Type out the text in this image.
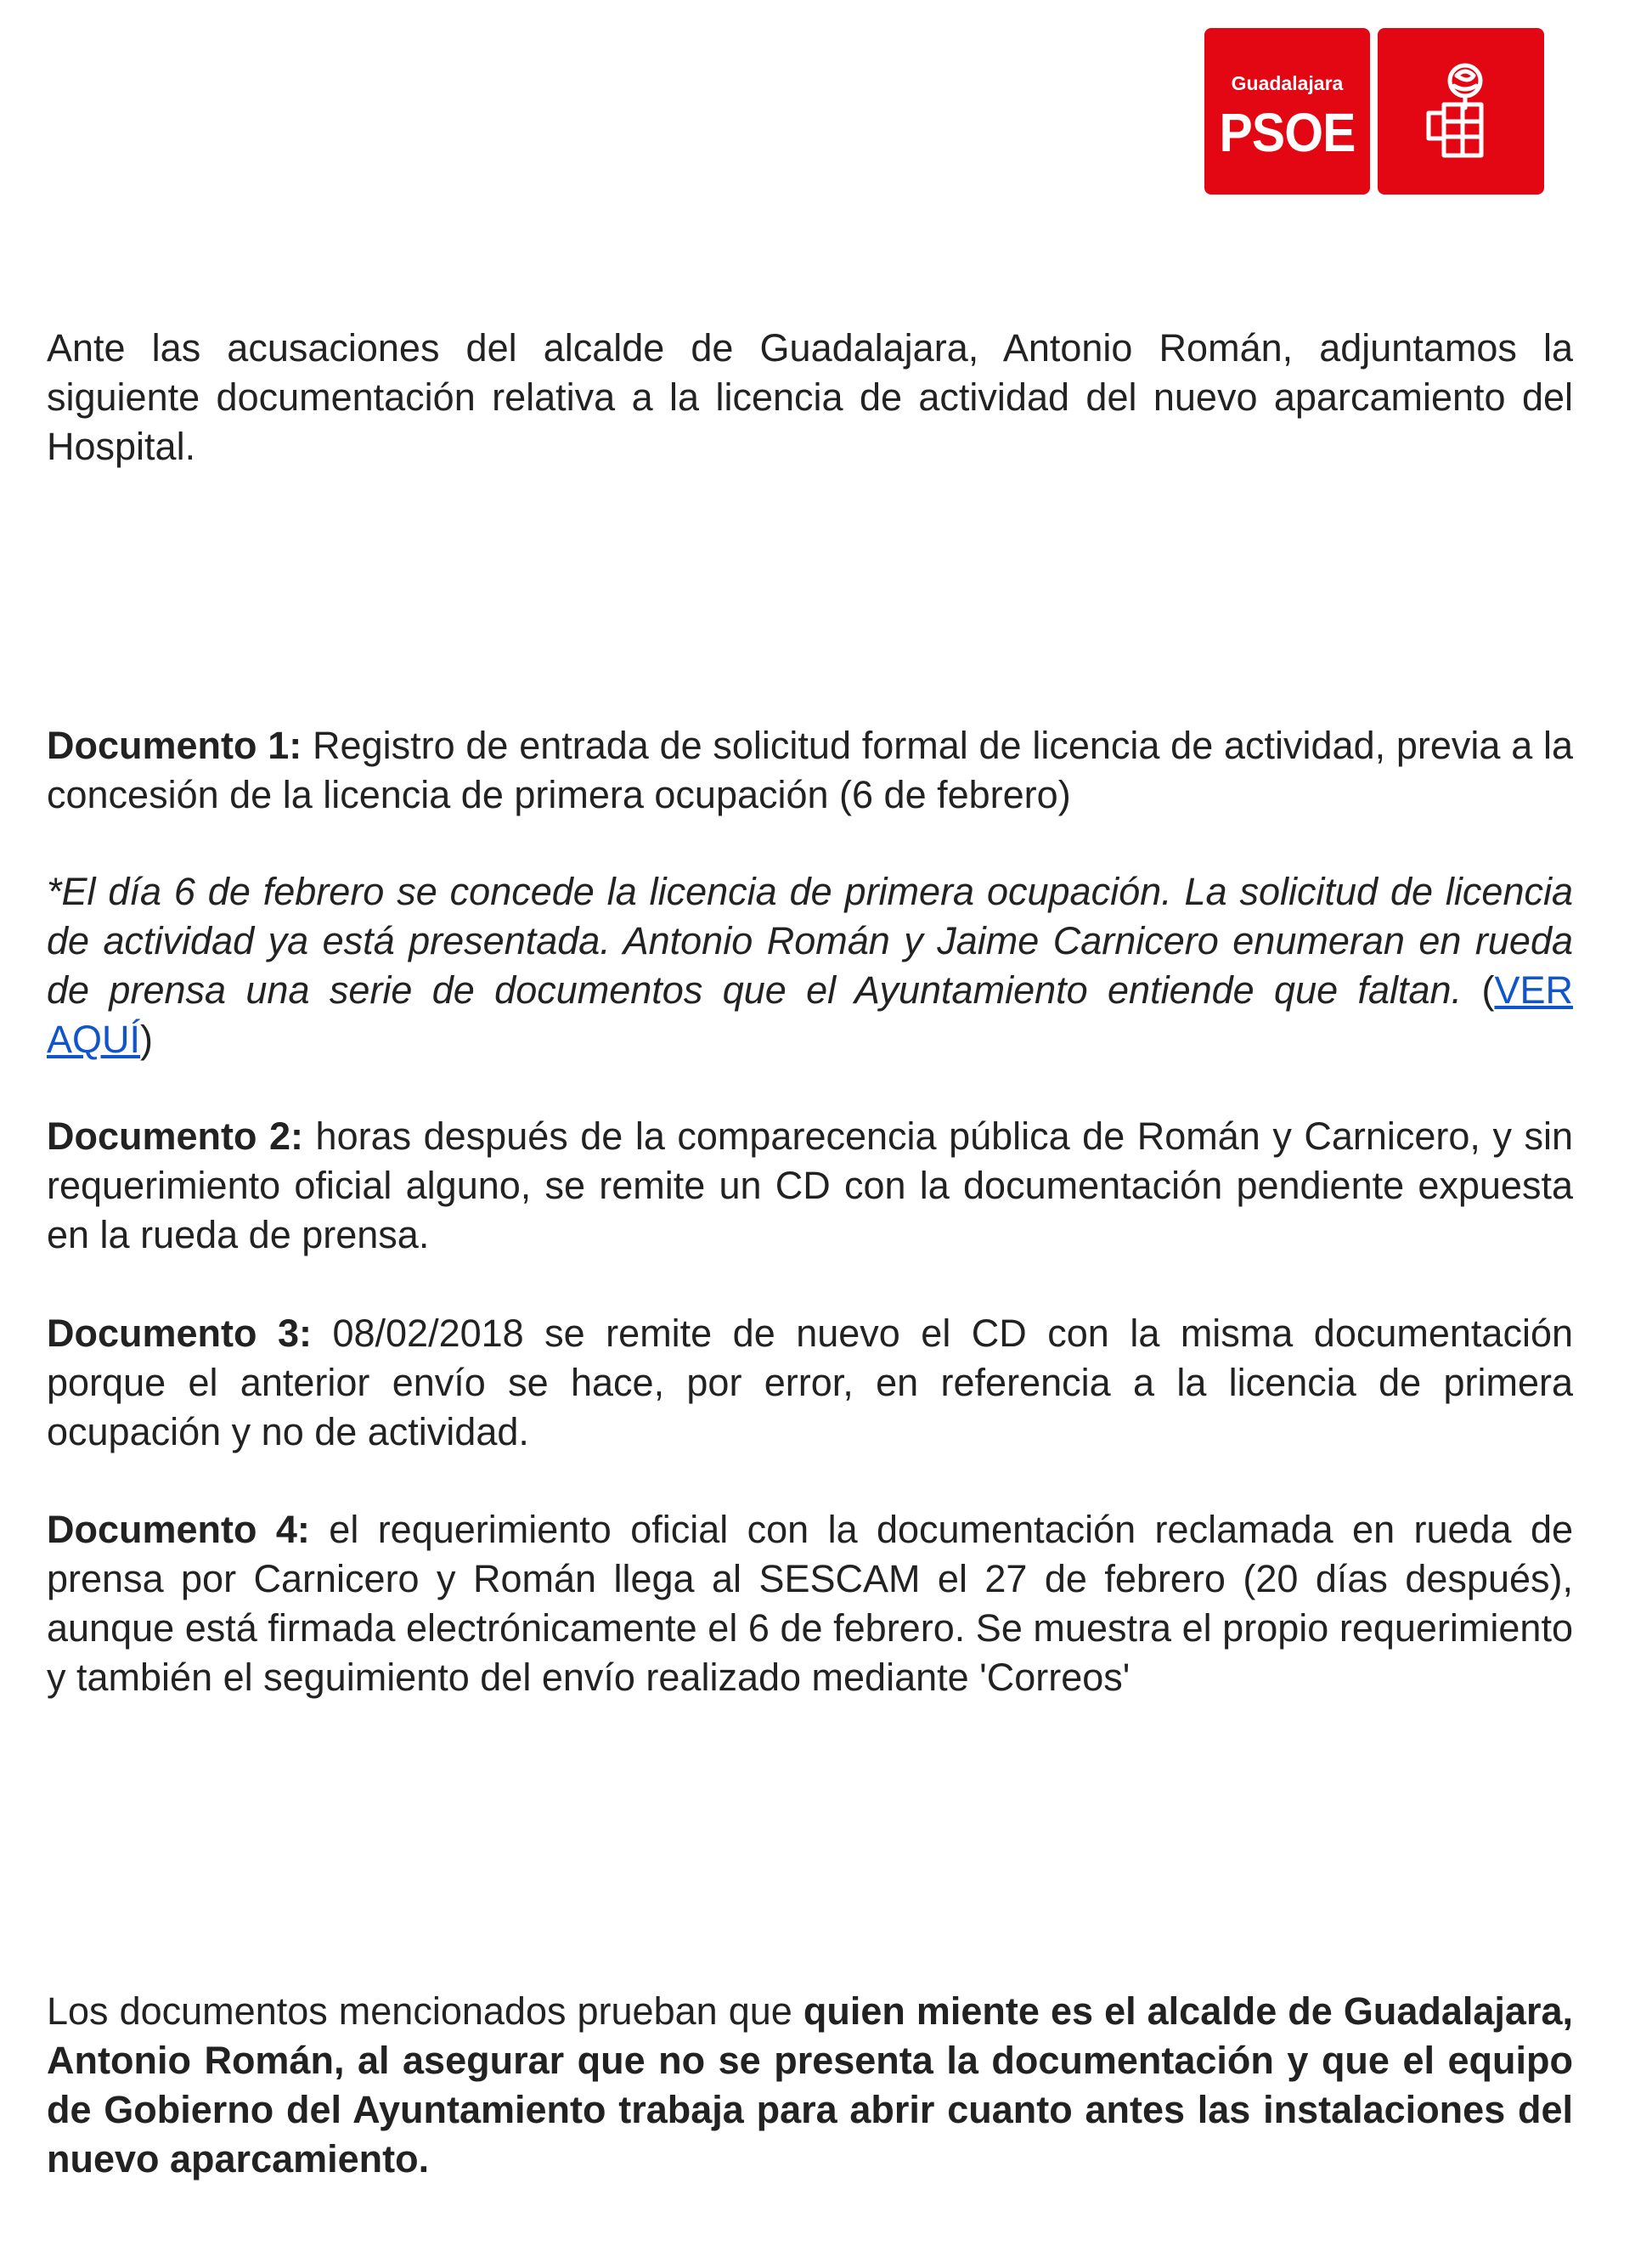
Guadalajara
PSOE

Ante las acusaciones del alcalde de Guadalajara, Antonio Román, adjuntamos la siguiente documentación relativa a la licencia de actividad del nuevo aparcamiento del Hospital.

Documento 1: Registro de entrada de solicitud formal de licencia de actividad, previa a la concesión de la licencia de primera ocupación (6 de febrero)

*El día 6 de febrero se concede la licencia de primera ocupación. La solicitud de licencia de actividad ya está presentada. Antonio Román y Jaime Carnicero enumeran en rueda de prensa una serie de documentos que el Ayuntamiento entiende que faltan. (VER AQUÍ)

Documento 2: horas después de la comparecencia pública de Román y Carnicero, y sin requerimiento oficial alguno, se remite un CD con la documentación pendiente expuesta en la rueda de prensa.

Documento 3: 08/02/2018 se remite de nuevo el CD con la misma documentación porque el anterior envío se hace, por error, en referencia a la licencia de primera ocupación y no de actividad.

Documento 4: el requerimiento oficial con la documentación reclamada en rueda de prensa por Carnicero y Román llega al SESCAM el 27 de febrero (20 días después), aunque está firmada electrónicamente el 6 de febrero. Se muestra el propio requerimiento y también el seguimiento del envío realizado mediante 'Correos'

Los documentos mencionados prueban que quien miente es el alcalde de Guadalajara, Antonio Román, al asegurar que no se presenta la documentación y que el equipo de Gobierno del Ayuntamiento trabaja para abrir cuanto antes las instalaciones del nuevo aparcamiento.
